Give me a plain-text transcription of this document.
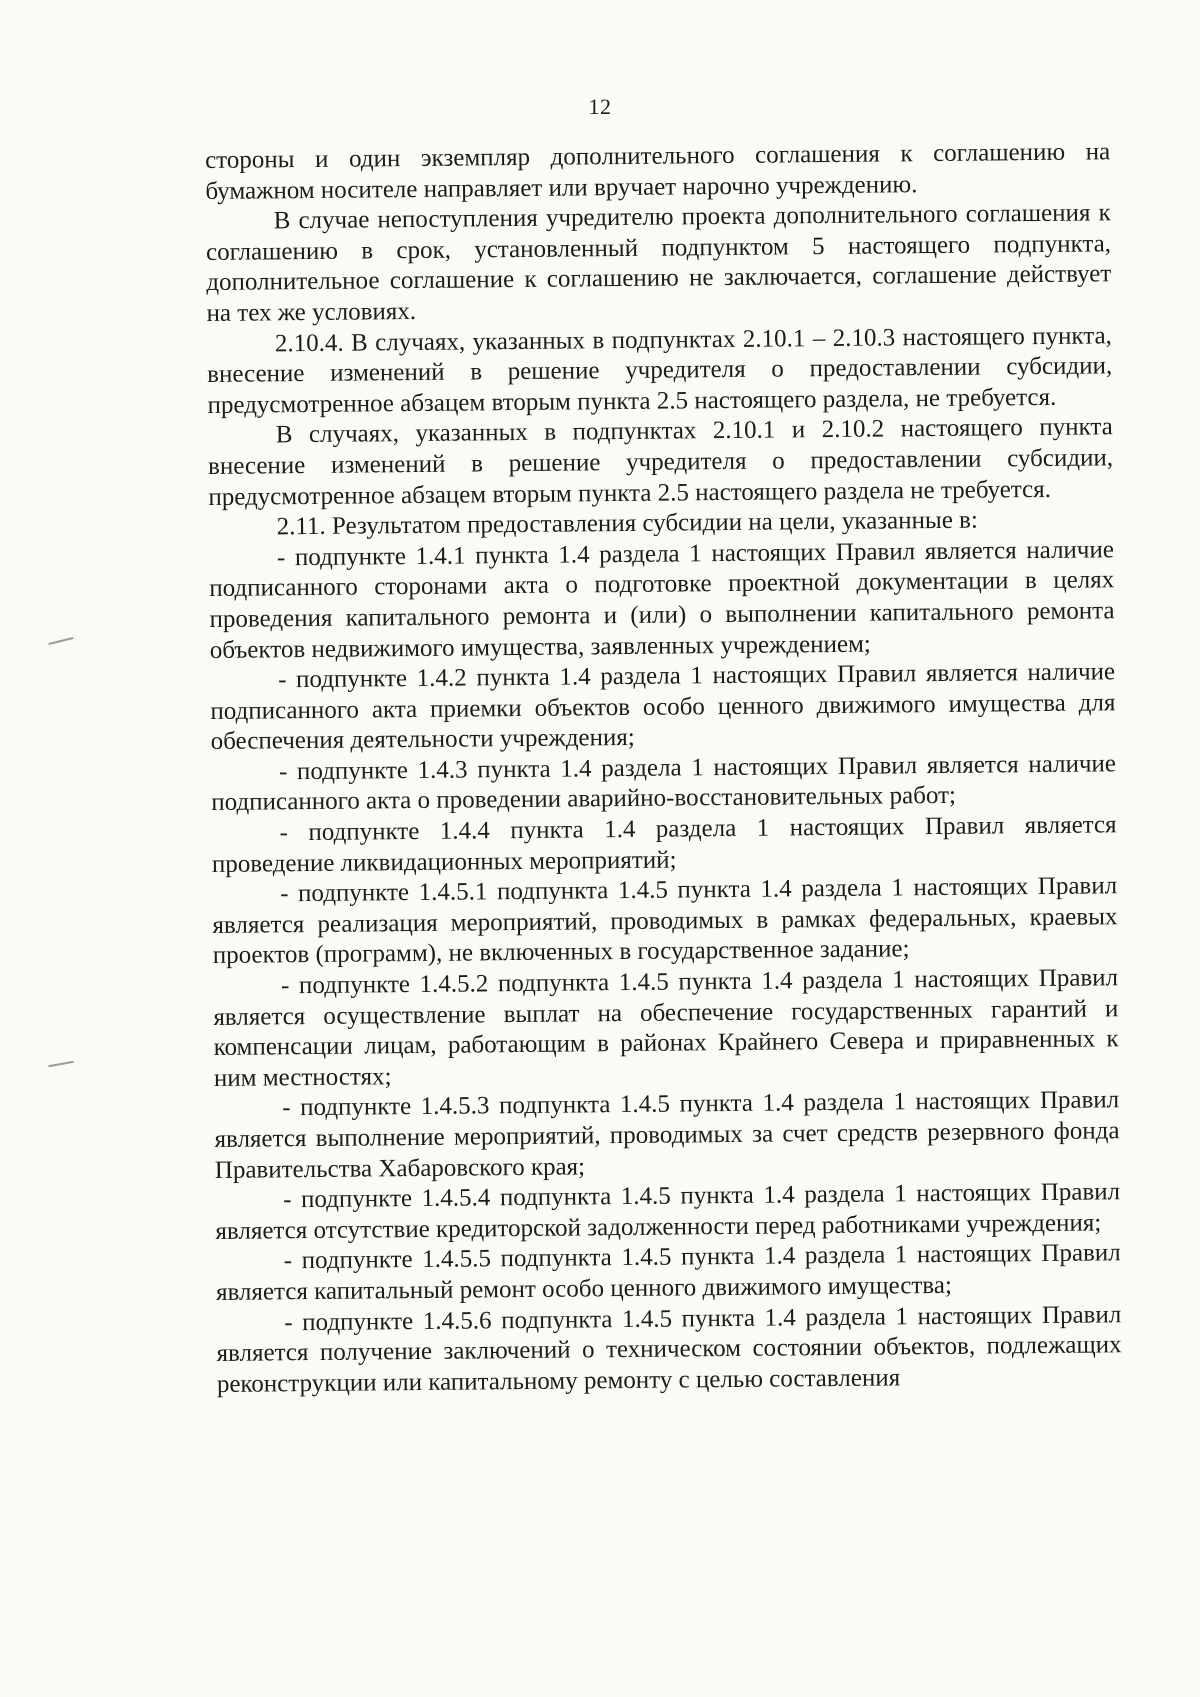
12

стороны и один экземпляр дополнительного соглашения к соглашению на бумажном носителе направляет или вручает нарочно учреждению.

В случае непоступления учредителю проекта дополнительного соглашения к соглашению в срок, установленный подпунктом 5 настоящего подпункта, дополнительное соглашение к соглашению не заключается, соглашение действует на тех же условиях.

2.10.4. В случаях, указанных в подпунктах 2.10.1 – 2.10.3 настоящего пункта, внесение изменений в решение учредителя о предоставлении субсидии, предусмотренное абзацем вторым пункта 2.5 настоящего раздела, не требуется.

В случаях, указанных в подпунктах 2.10.1 и 2.10.2 настоящего пункта внесение изменений в решение учредителя о предоставлении субсидии, предусмотренное абзацем вторым пункта 2.5 настоящего раздела не требуется.

2.11. Результатом предоставления субсидии на цели, указанные в:

- подпункте 1.4.1 пункта 1.4 раздела 1 настоящих Правил является наличие подписанного сторонами акта о подготовке проектной документации в целях проведения капитального ремонта и (или) о выполнении капитального ремонта объектов недвижимого имущества, заявленных учреждением;

- подпункте 1.4.2 пункта 1.4 раздела 1 настоящих Правил является наличие подписанного акта приемки объектов особо ценного движимого имущества для обеспечения деятельности учреждения;

- подпункте 1.4.3 пункта 1.4 раздела 1 настоящих Правил является наличие подписанного акта о проведении аварийно-восстановительных работ;

- подпункте 1.4.4 пункта 1.4 раздела 1 настоящих Правил является проведение ликвидационных мероприятий;

- подпункте 1.4.5.1 подпункта 1.4.5 пункта 1.4 раздела 1 настоящих Правил является реализация мероприятий, проводимых в рамках федеральных, краевых проектов (программ), не включенных в государственное задание;

- подпункте 1.4.5.2 подпункта 1.4.5 пункта 1.4 раздела 1 настоящих Правил является осуществление выплат на обеспечение государственных гарантий и компенсации лицам, работающим в районах Крайнего Севера и приравненных к ним местностях;

- подпункте 1.4.5.3 подпункта 1.4.5 пункта 1.4 раздела 1 настоящих Правил является выполнение мероприятий, проводимых за счет средств резервного фонда Правительства Хабаровского края;

- подпункте 1.4.5.4 подпункта 1.4.5 пункта 1.4 раздела 1 настоящих Правил является отсутствие кредиторской задолженности перед работниками учреждения;

- подпункте 1.4.5.5 подпункта 1.4.5 пункта 1.4 раздела 1 настоящих Правил является капитальный ремонт особо ценного движимого имущества;

- подпункте 1.4.5.6 подпункта 1.4.5 пункта 1.4 раздела 1 настоящих Правил является получение заключений о техническом состоянии объектов, подлежащих реконструкции или капитальному ремонту с целью составления
